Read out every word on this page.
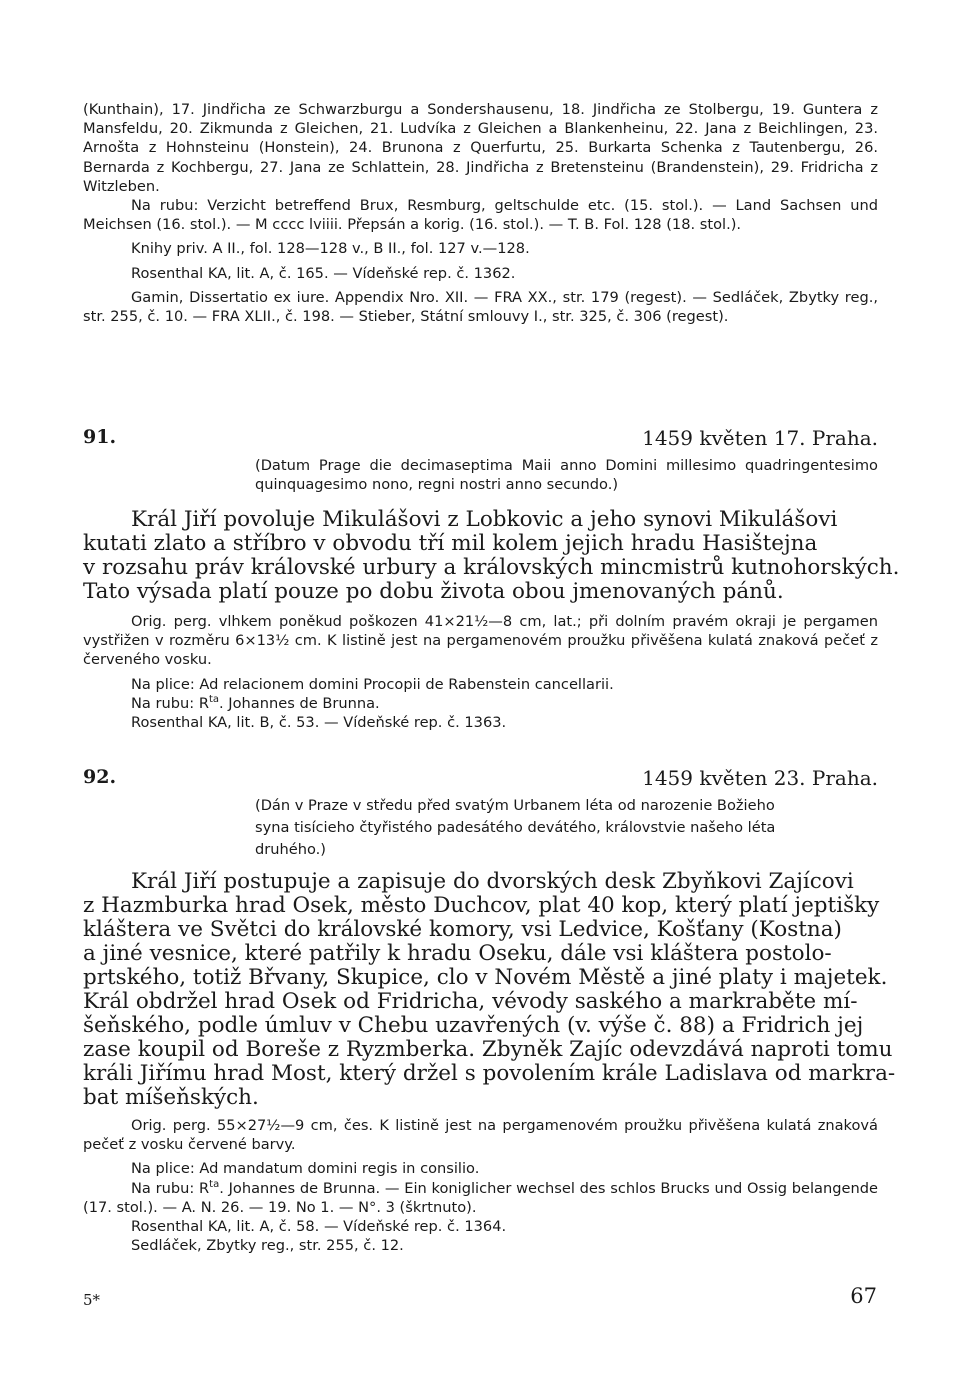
(Kunthain), 17. Jindřicha ze Schwarzburgu a Sondershausenu, 18. Jindřicha ze Stolbergu, 19. Guntera z Mansfeldu, 20. Zikmunda z Gleichen, 21. Ludvíka z Gleichen a Blankenheinu, 22. Jana z Beichlingen, 23. Arnošta z Hohnsteinu (Honstein), 24. Brunona z Querfurtu, 25. Burkarta Schenka z Tautenbergu, 26. Bernarda z Kochbergu, 27. Jana ze Schlattein, 28. Jindřicha z Bretensteinu (Brandenstein), 29. Fridricha z Witzleben.

Na rubu: Verzicht betreffend Brux, Resmburg, geltschulde etc. (15. stol.). — Land Sachsen und Meichsen (16. stol.). — M cccc lviiii. Přepsán a korig. (16. stol.). — T. B. Fol. 128 (18. stol.).

Knihy priv. A II., fol. 128—128 v., B II., fol. 127 v.—128.

Rosenthal KA, lit. A, č. 165. — Vídeňské rep. č. 1362.

Gamin, Dissertatio ex iure. Appendix Nro. XII. — FRA XX., str. 179 (regest). — Sedláček, Zbytky reg., str. 255, č. 10. — FRA XLII., č. 198. — Stieber, Státní smlouvy I., str. 325, č. 306 (regest).

91.	1459 květen 17. Praha.

(Datum Prage die decimaseptima Maii anno Domini millesimo quadringentesimo quinquagesimo nono, regni nostri anno secundo.)

Král Jiří povoluje Mikulášovi z Lobkovic a jeho synovi Mikulášovi
kutati zlato a stříbro v obvodu tří mil kolem jejich hradu Hasištejna
v rozsahu práv královské urbury a královských mincmistrů kutnohorských.
Tato výsada platí pouze po dobu života obou jmenovaných pánů.

Orig. perg. vlhkem poněkud poškozen 41×21½—8 cm, lat.; při dolním pravém okraji je pergamen vystřižen v rozměru 6×13½ cm. K listině jest na pergamenovém proužku přivěšena kulatá znaková pečeť z červeného vosku.

Na plice: Ad relacionem domini Procopii de Rabenstein cancellarii.

Na rubu: $R^{ta}$. Johannes de Brunna.

Rosenthal KA, lit. B, č. 53. — Vídeňské rep. č. 1363.

92.	1459 květen 23. Praha.
(Dán v Praze v středu před svatým Urbanem léta od narozenie Božieho
syna tisícieho čtyřistého padesátého devátého, královstvie našeho léta
druhého.)
Král Jiří postupuje a zapisuje do dvorských desk Zbyňkovi Zajícovi
z Hazmburka hrad Osek, město Duchcov, plat 40 kop, který platí jeptišky
kláštera ve Světci do královské komory, vsi Ledvice, Košťany (Kostna)
a jiné vesnice, které patřily k hradu Oseku, dále vsi kláštera postolo-
prtského, totiž Břvany, Skupice, clo v Novém Městě a jiné platy i majetek.
Král obdržel hrad Osek od Fridricha, vévody saského a markraběte mí-
šeňského, podle úmluv v Chebu uzavřených (v. výše č. 88) a Fridrich jej
zase koupil od Boreše z Ryzmberka. Zbyněk Zajíc odevzdává naproti tomu
králi Jiřímu hrad Most, který držel s povolením krále Ladislava od markra-
bat míšeňských.

Orig. perg. 55×27½—9 cm, čes. K listině jest na pergamenovém proužku přivěšena kulatá znaková pečeť z vosku červené barvy.

Na plice: Ad mandatum domini regis in consilio.

Na rubu: $R^{ta}$. Johannes de Brunna. — Ein koniglicher wechsel des schlos Brucks und Ossig belangende (17. stol.). — A. N. 26. — 19. No 1. — N°. 3 (škrtnuto).

Rosenthal KA, lit. A, č. 58. — Vídeňské rep. č. 1364.

Sedláček, Zbytky reg., str. 255, č. 12.

5*	67
